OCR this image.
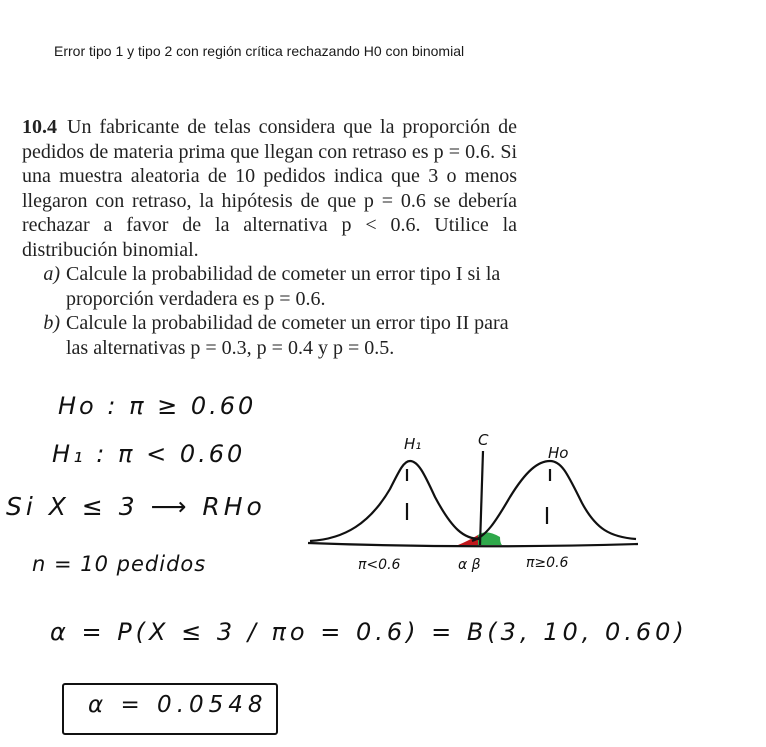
Error tipo 1 y tipo 2 con región crítica rechazando H0 con binomial

10.4 Un fabricante de telas considera que la proporción de pedidos de materia prima que llegan con retraso es p = 0.6. Si una muestra aleatoria de 10 pedidos indica que 3 o menos llegaron con retraso, la hipótesis de que p = 0.6 se debería rechazar a favor de la alternativa p < 0.6. Utilice la distribución binomial.

a) Calcule la probabilidad de cometer un error tipo I si la proporción verdadera es p = 0.6.
b) Calcule la probabilidad de cometer un error tipo II para las alternativas p = 0.3, p = 0.4 y p = 0.5.
Ho : π ≥ 0.60
H₁ : π < 0.60
Si X ≤ 3 ⟶ RHo
n = 10 pedidos
α = P(X ≤ 3 / πo = 0.6) = B(3, 10, 0.60)
α = 0.0548
H₁	C
Ho
π<0.6	α β	π≥0.6
